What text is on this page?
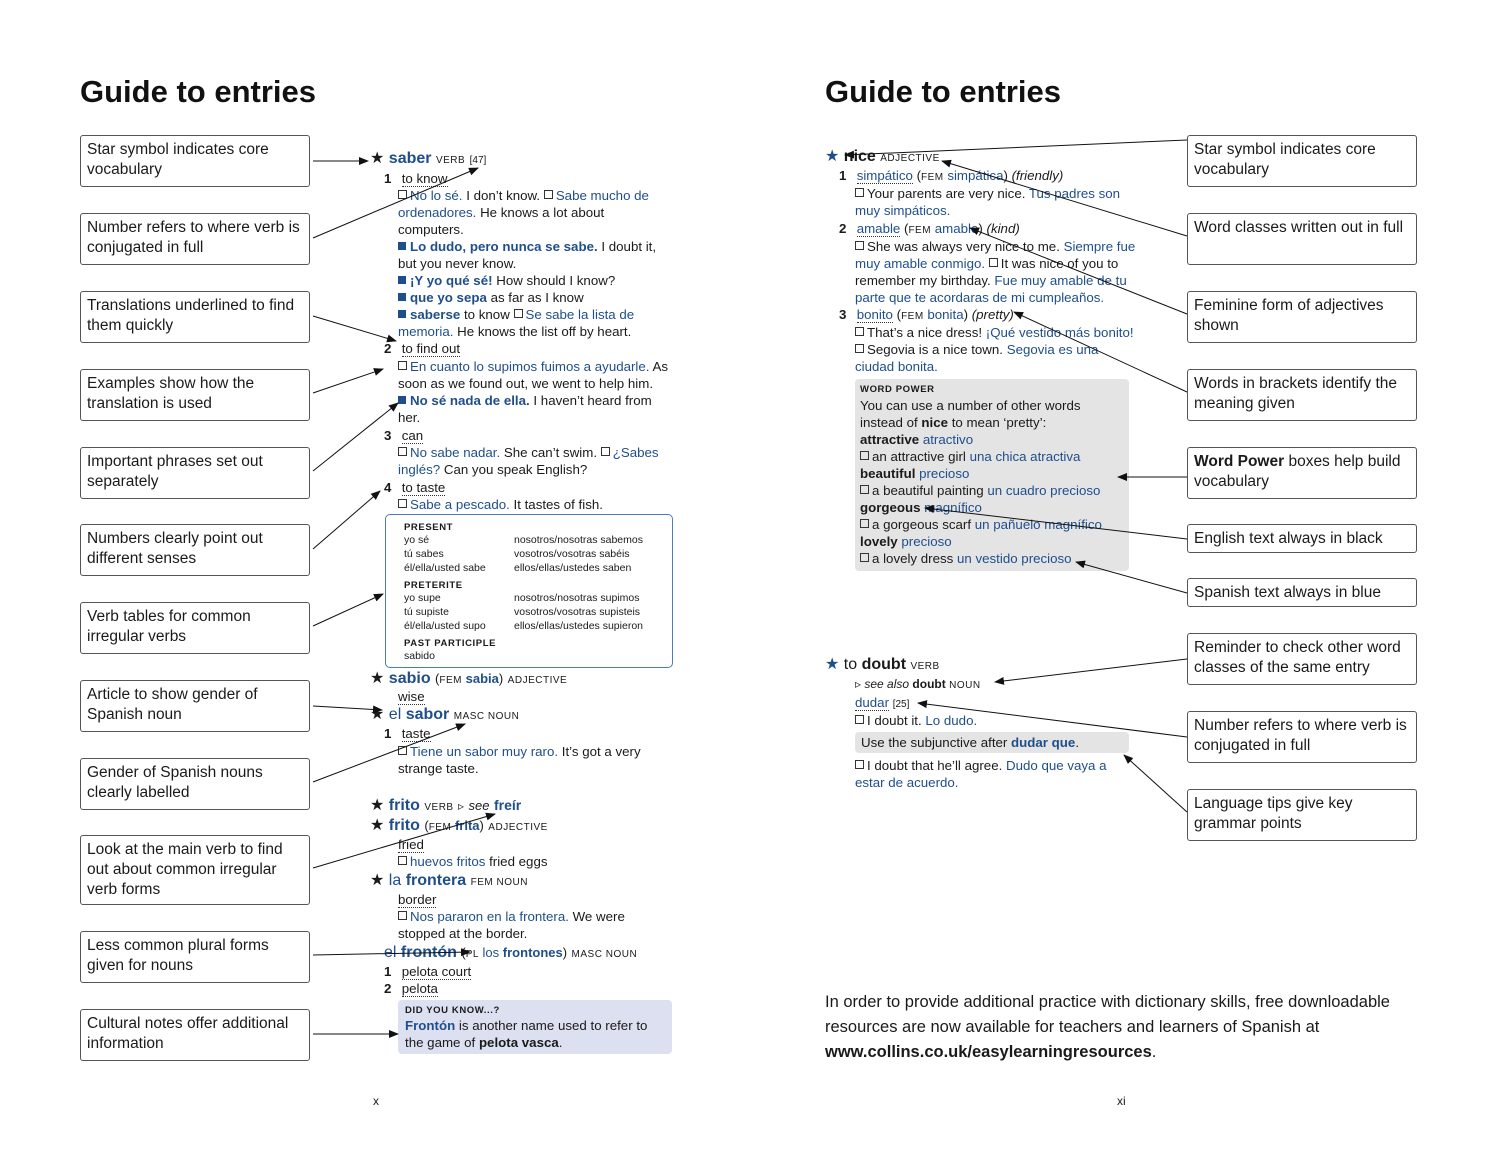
Guide to entries
Star symbol indicates core vocabulary
Number refers to where verb is conjugated in full
Translations underlined to find them quickly
Examples show how the translation is used
Important phrases set out separately
Numbers clearly point out different senses
Verb tables for common irregular verbs
Article to show gender of Spanish noun
Gender of Spanish nouns clearly labelled
Look at the main verb to find out about common irregular verb forms
Less common plural forms given for nouns
Cultural notes offer additional information
★ saber VERB [47]
1 to know
No lo sé. I don’t know. Sabe mucho de
ordenadores. He knows a lot about
computers.
Lo dudo, pero nunca se sabe. I doubt it,
but you never know.
¡Y yo qué sé! How should I know?
que yo sepa as far as I know
saberse to know Se sabe la lista de
memoria. He knows the list off by heart.
2 to find out
En cuanto lo supimos fuimos a ayudarle. As
soon as we found out, we went to help him.
No sé nada de ella. I haven’t heard from
her.
3 can
No sabe nadar. She can’t swim. ¿Sabes
inglés? Can you speak English?
4 to taste
Sabe a pescado. It tastes of fish.
PRESENT
yo sé	nosotros/nosotras sabemos
tú sabes	vosotros/vosotras sabéis
él/ella/usted sabe	ellos/ellas/ustedes saben
PRETERITE
yo supe	nosotros/nosotras supimos
tú supiste	vosotros/vosotras supisteis
él/ella/usted supo	ellos/ellas/ustedes supieron
PAST PARTICIPLE
sabido
★ sabio (FEM sabia) ADJECTIVE
wise
★ el sabor MASC NOUN
1 taste
Tiene un sabor muy raro. It’s got a very
strange taste.
★ frito VERB ▹ see freír
★ frito (FEM frita) ADJECTIVE
fried
huevos fritos fried eggs
★ la frontera FEM NOUN
border
Nos pararon en la frontera. We were
stopped at the border.
el frontón (PL los frontones) MASC NOUN
1 pelota court
2 pelota
DID YOU KNOW...?
Frontón is another name used to refer to
the game of pelota vasca.
x
Guide to entries
Star symbol indicates core vocabulary
Word classes written out in full
Feminine form of adjectives shown
Words in brackets identify the meaning given
Word Power boxes help build vocabulary
English text always in black
Spanish text always in blue
Reminder to check other word classes of the same entry
Number refers to where verb is conjugated in full
Language tips give key grammar points
★ nice ADJECTIVE
1 simpático (FEM simpática) (friendly)
Your parents are very nice. Tus padres son
muy simpáticos.
2 amable (FEM amable) (kind)
She was always very nice to me. Siempre fue
muy amable conmigo. It was nice of you to
remember my birthday. Fue muy amable de tu
parte que te acordaras de mi cumpleaños.
3 bonito (FEM bonita) (pretty)
That’s a nice dress! ¡Qué vestido más bonito!
Segovia is a nice town. Segovia es una
ciudad bonita.
WORD POWER
You can use a number of other words
instead of nice to mean ‘pretty’:
attractive atractivo
an attractive girl una chica atractiva
beautiful precioso
a beautiful painting un cuadro precioso
gorgeous magnífico
a gorgeous scarf un pañuelo magnífico
lovely precioso
a lovely dress un vestido precioso
★ to doubt VERB
▹ see also doubt NOUN
dudar [25]
I doubt it. Lo dudo.
Use the subjunctive after dudar que.
I doubt that he’ll agree. Dudo que vaya a
estar de acuerdo.
In order to provide additional practice with dictionary skills, free downloadable resources are now available for teachers and learners of Spanish at www.collins.co.uk/easylearningresources.
xi
